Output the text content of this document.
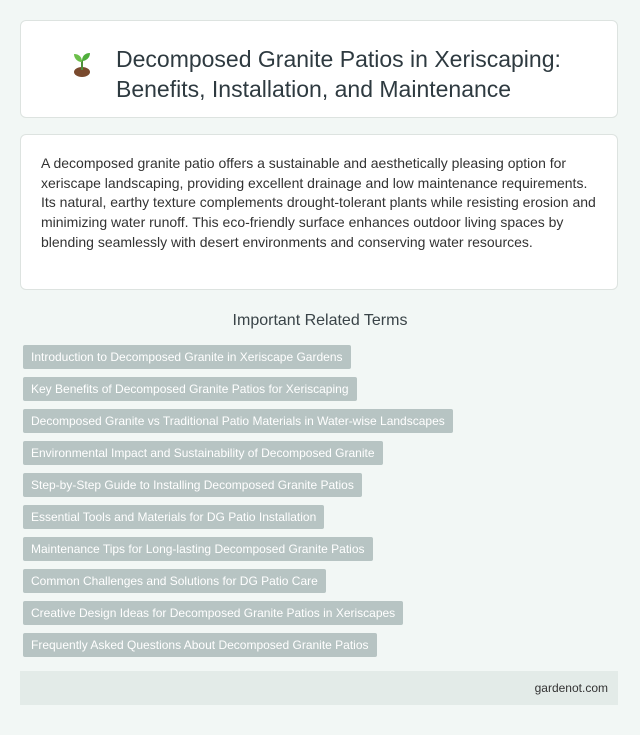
Decomposed Granite Patios in Xeriscaping: Benefits, Installation, and Maintenance

A decomposed granite patio offers a sustainable and aesthetically pleasing option for xeriscape landscaping, providing excellent drainage and low maintenance requirements. Its natural, earthy texture complements drought-tolerant plants while resisting erosion and minimizing water runoff. This eco-friendly surface enhances outdoor living spaces by blending seamlessly with desert environments and conserving water resources.

Important Related Terms
Introduction to Decomposed Granite in Xeriscape Gardens
Key Benefits of Decomposed Granite Patios for Xeriscaping
Decomposed Granite vs Traditional Patio Materials in Water-wise Landscapes
Environmental Impact and Sustainability of Decomposed Granite
Step-by-Step Guide to Installing Decomposed Granite Patios
Essential Tools and Materials for DG Patio Installation
Maintenance Tips for Long-lasting Decomposed Granite Patios
Common Challenges and Solutions for DG Patio Care
Creative Design Ideas for Decomposed Granite Patios in Xeriscapes
Frequently Asked Questions About Decomposed Granite Patios
gardenot.com
